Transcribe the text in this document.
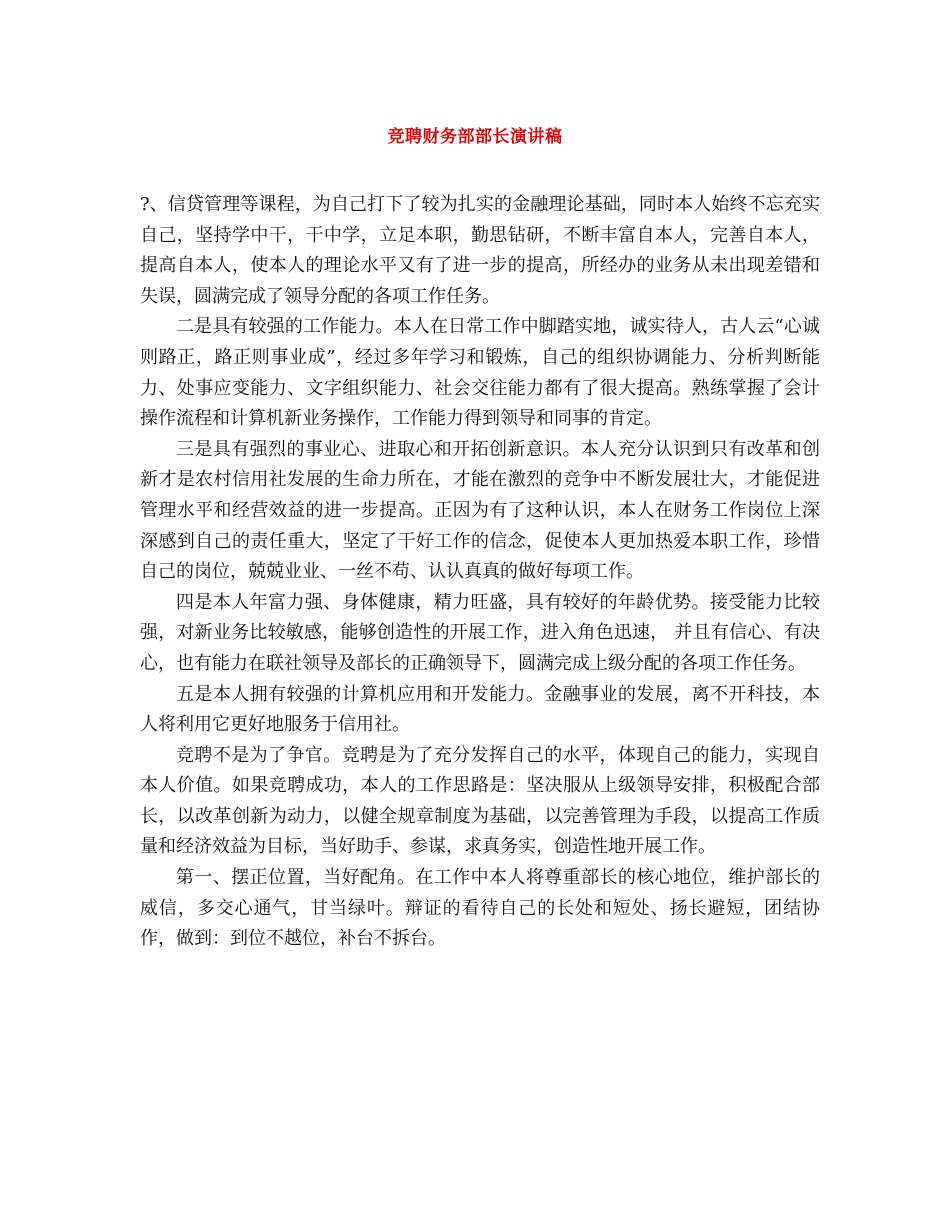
竞聘财务部部长演讲稿

?、信贷管理等课程，为自己打下了较为扎实的金融理论基础，同时本人始终不忘充实自己，坚持学中干，干中学，立足本职，勤思钻研，不断丰富自本人，完善自本人，提高自本人，使本人的理论水平又有了进一步的提高，所经办的业务从未出现差错和失误，圆满完成了领导分配的各项工作任务。

二是具有较强的工作能力。本人在日常工作中脚踏实地，诚实待人，古人云“心诚则路正，路正则事业成”，经过多年学习和锻炼，自己的组织协调能力、分析判断能力、处事应变能力、文字组织能力、社会交往能力都有了很大提高。熟练掌握了会计操作流程和计算机新业务操作，工作能力得到领导和同事的肯定。

三是具有强烈的事业心、进取心和开拓创新意识。本人充分认识到只有改革和创新才是农村信用社发展的生命力所在，才能在激烈的竞争中不断发展壮大，才能促进管理水平和经营效益的进一步提高。正因为有了这种认识，本人在财务工作岗位上深深感到自己的责任重大，坚定了干好工作的信念，促使本人更加热爱本职工作，珍惜自己的岗位，兢兢业业、一丝不苟、认认真真的做好每项工作。

四是本人年富力强、身体健康，精力旺盛，具有较好的年龄优势。接受能力比较强，对新业务比较敏感，能够创造性的开展工作，进入角色迅速， 并且有信心、有决心，也有能力在联社领导及部长的正确领导下，圆满完成上级分配的各项工作任务。

五是本人拥有较强的计算机应用和开发能力。金融事业的发展，离不开科技，本人将利用它更好地服务于信用社。

竞聘不是为了争官。竞聘是为了充分发挥自己的水平，体现自己的能力，实现自本人价值。如果竞聘成功，本人的工作思路是：坚决服从上级领导安排，积极配合部长，以改革创新为动力，以健全规章制度为基础，以完善管理为手段，以提高工作质量和经济效益为目标，当好助手、参谋，求真务实，创造性地开展工作。

第一、摆正位置，当好配角。在工作中本人将尊重部长的核心地位，维护部长的威信，多交心通气，甘当绿叶。辩证的看待自己的长处和短处、扬长避短，团结协作，做到：到位不越位，补台不拆台。
